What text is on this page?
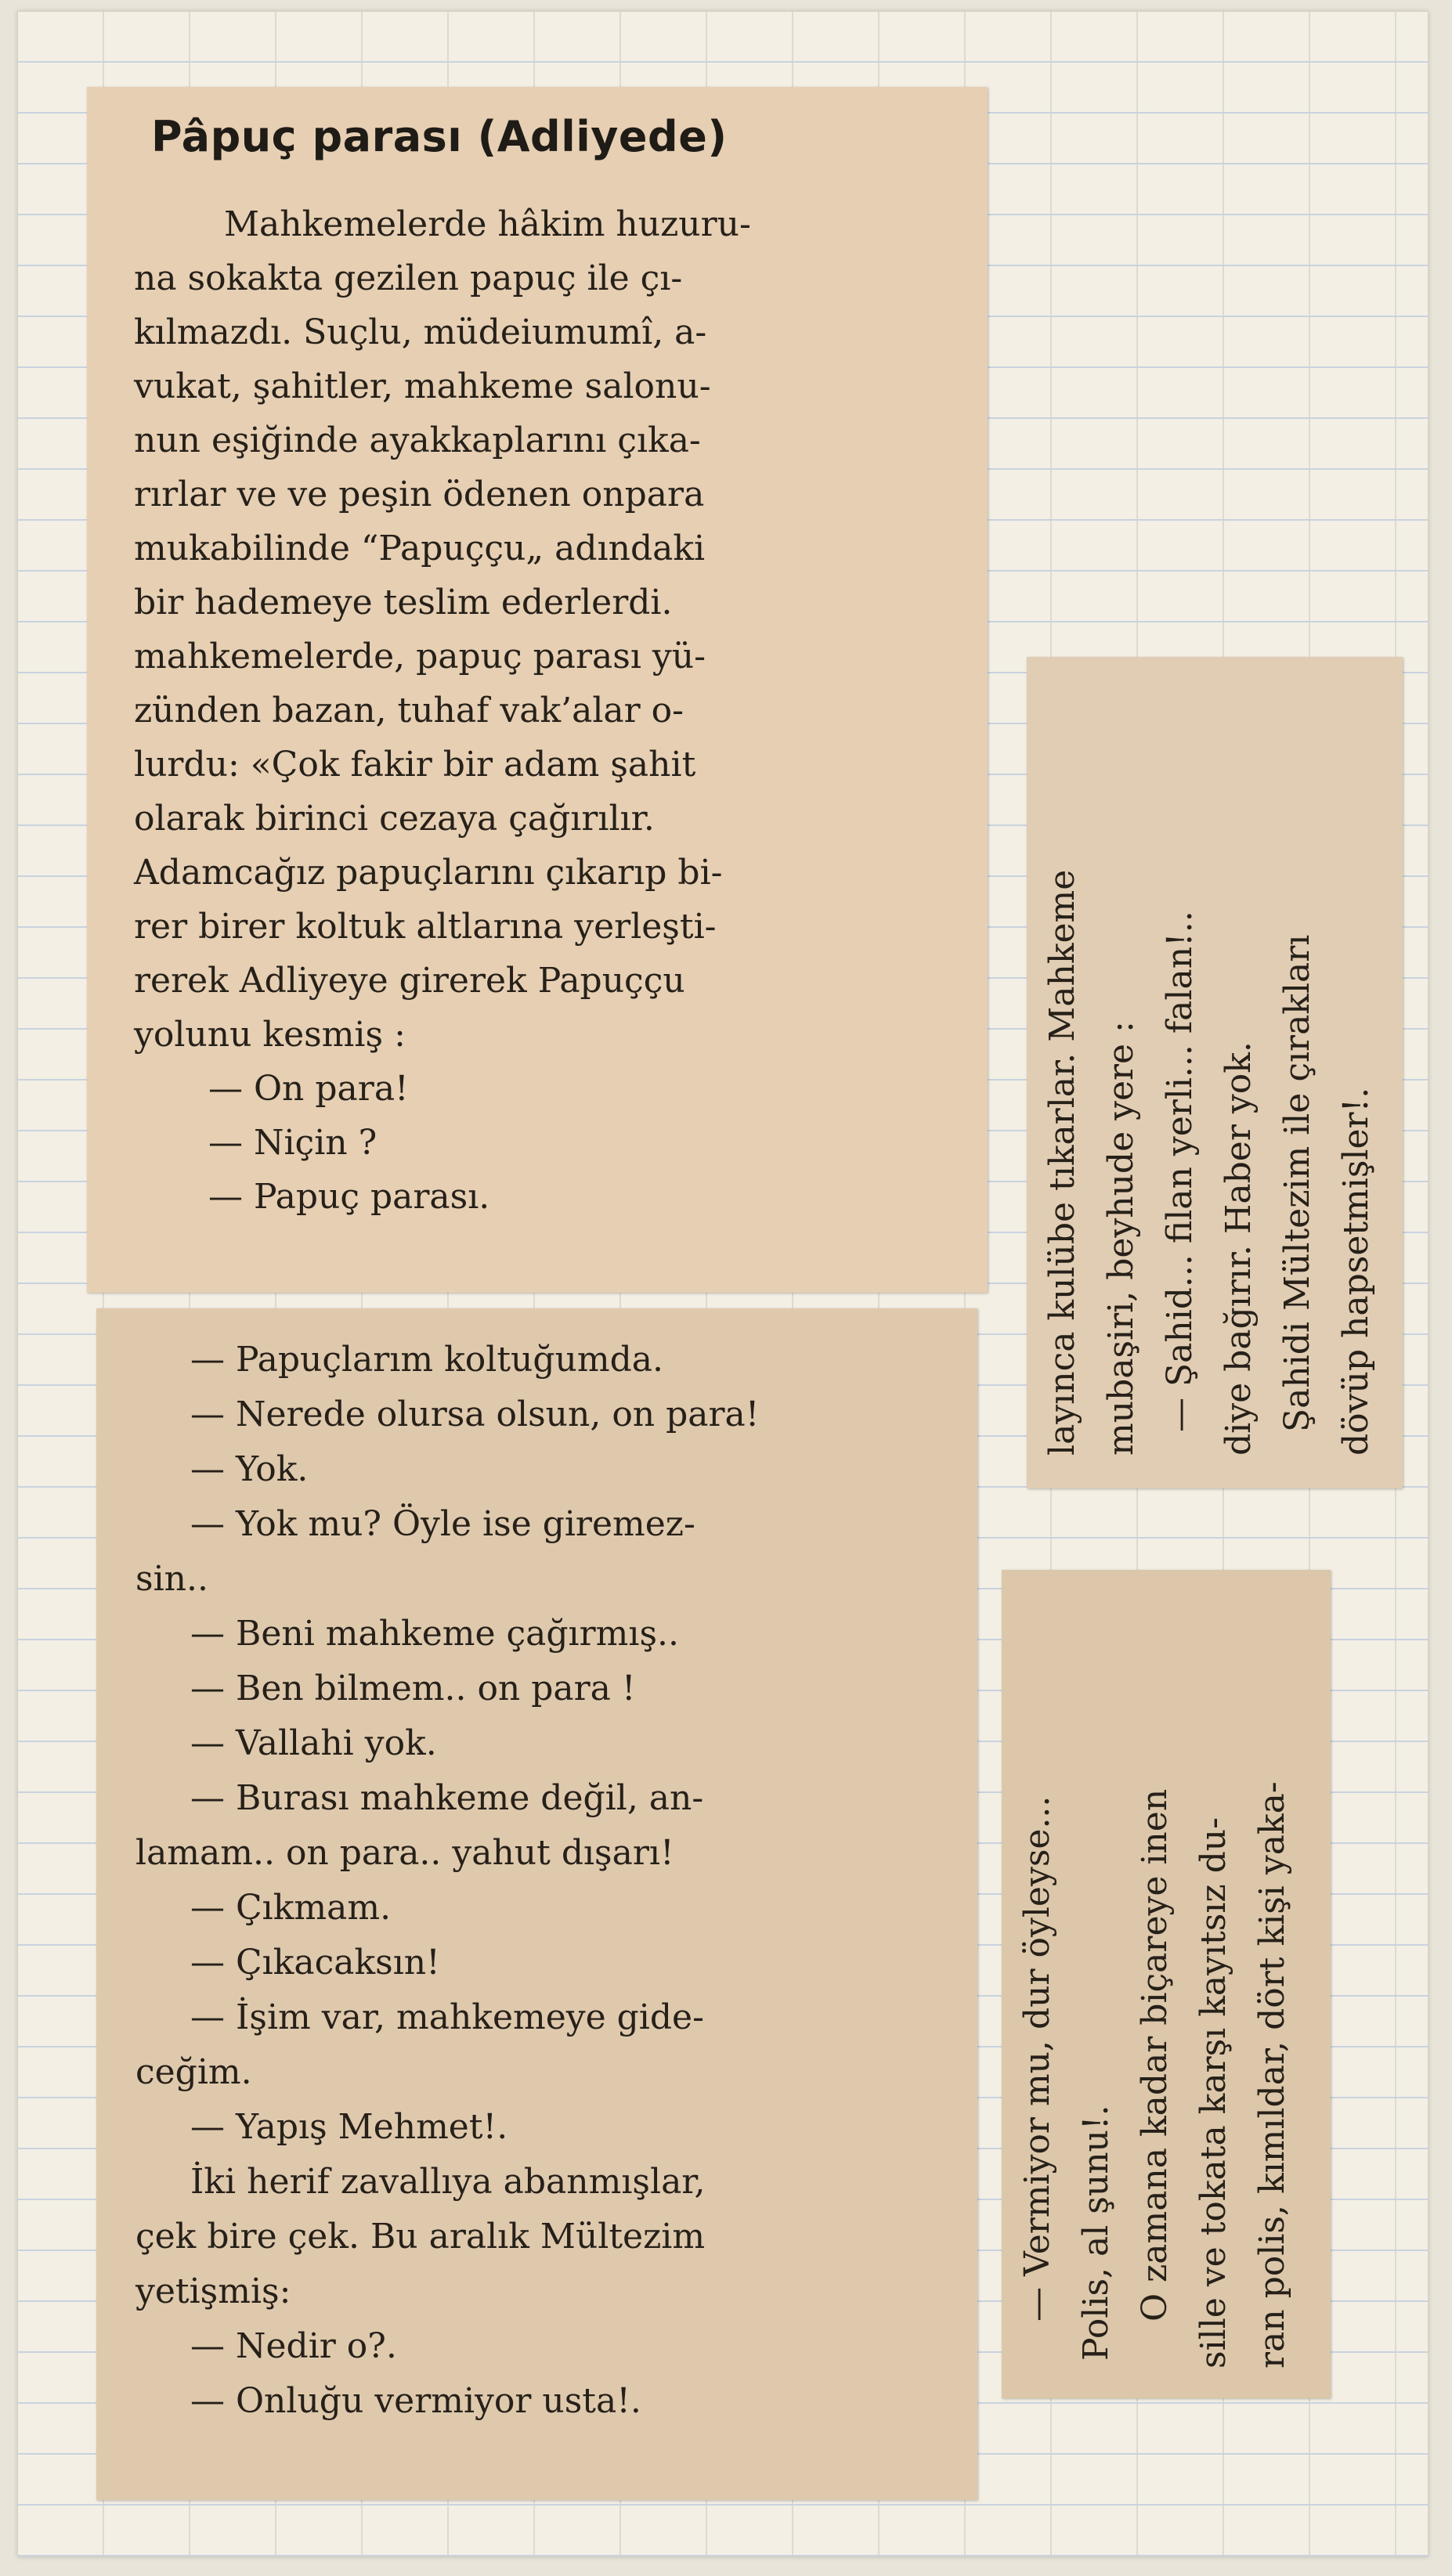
Pâpuç parası (Adliyede)

Mahkemelerde hâkim huzuru-

na sokakta gezilen papuç ile çı-

kılmazdı. Suçlu, müdeiumumî, a-

vukat, şahitler, mahkeme salonu-

nun eşiğinde ayakkaplarını çıka-

rırlar ve ve peşin ödenen onpara

mukabilinde “Papuççu„ adındaki

bir hademeye teslim ederlerdi.

mahkemelerde, papuç parası yü-

zünden bazan, tuhaf vak’alar o-

lurdu: «Çok fakir bir adam şahit

olarak birinci cezaya çağırılır.

Adamcağız papuçlarını çıkarıp bi-

rer birer koltuk altlarına yerleşti-

rerek Adliyeye girerek Papuççu

yolunu kesmiş :

— On para!

— Niçin ?

— Papuç parası.

— Papuçlarım koltuğumda.

— Nerede olursa olsun, on para!

— Yok.

— Yok mu? Öyle ise giremez-

sin..

— Beni mahkeme çağırmış..

— Ben bilmem.. on para !

— Vallahi yok.

— Burası mahkeme değil, an-

lamam.. on para.. yahut dışarı!

— Çıkmam.

— Çıkacaksın!

— İşim var, mahkemeye gide-

ceğim.

— Yapış Mehmet!.

İki herif zavallıya abanmışlar,

çek bire çek. Bu aralık Mültezim

yetişmiş:

— Nedir o?.

— Onluğu vermiyor usta!.

layınca kulübe tıkarlar. Mahkeme mubaşiri, beyhude yere : — Şahid... filan yerli... falan!.. diye bağırır. Haber yok. Şahidi Mültezim ile çırakları dövüp hapsetmişler!.

— Vermiyor mu, dur öyleyse... Polis, al şunu!. O zamana kadar biçareye inen sille ve tokata karşı kayıtsız du- ran polis, kımıldar, dört kişi yaka-
